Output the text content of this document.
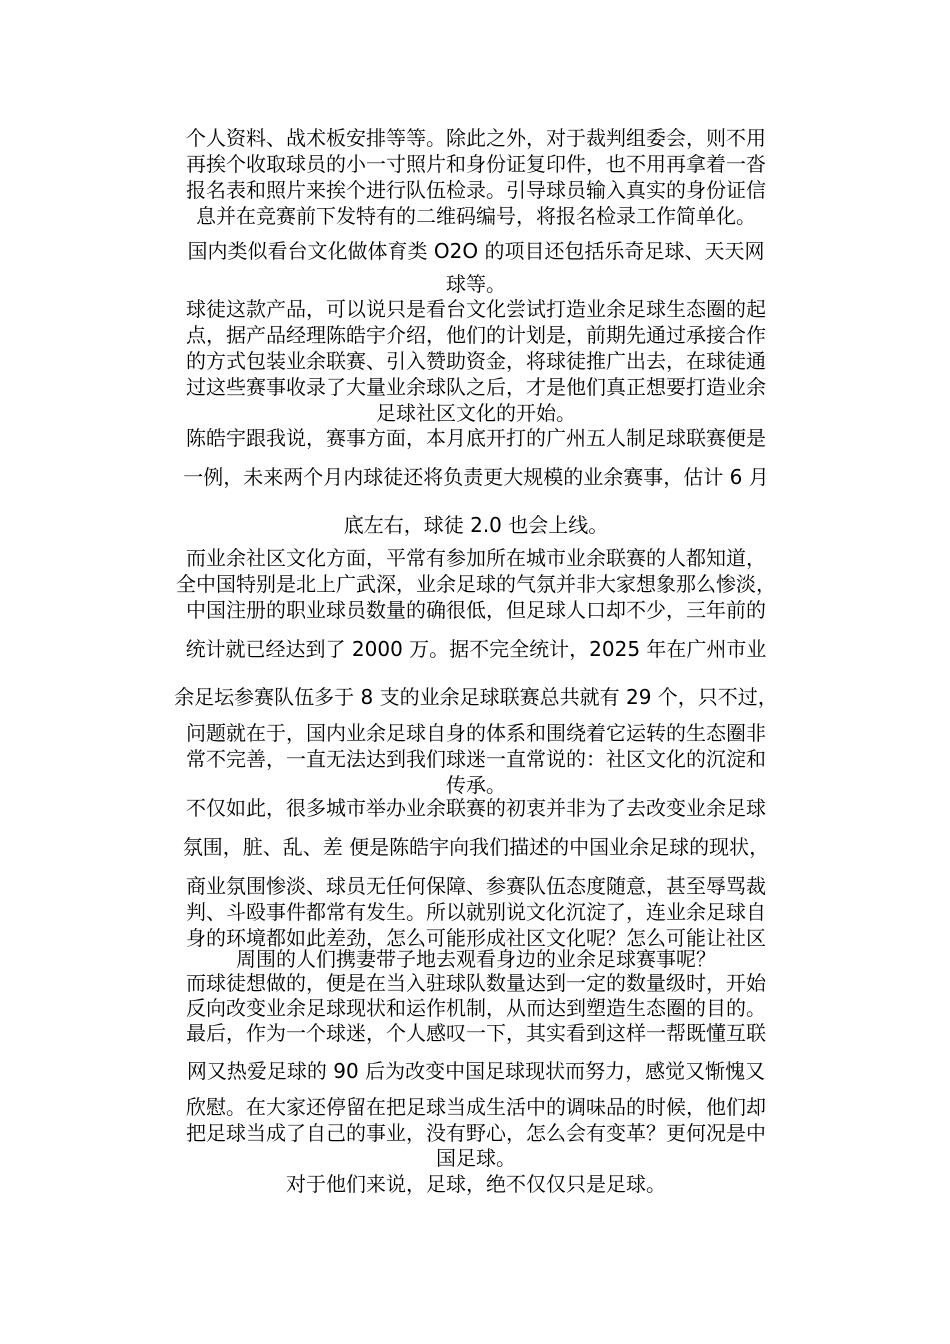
个人资料、战术板安排等等。除此之外，对于裁判组委会，则不用
再挨个收取球员的小一寸照片和身份证复印件，也不用再拿着一沓
报名表和照片来挨个进行队伍检录。引导球员输入真实的身份证信
息并在竞赛前下发特有的二维码编号，将报名检录工作简单化。
国内类似看台文化做体育类 O2O 的项目还包括乐奇足球、天天网
球等。
球徒这款产品，可以说只是看台文化尝试打造业余足球生态圈的起
点，据产品经理陈皓宇介绍，他们的计划是，前期先通过承接合作
的方式包装业余联赛、引入赞助资金，将球徒推广出去，在球徒通
过这些赛事收录了大量业余球队之后，才是他们真正想要打造业余
足球社区文化的开始。
陈皓宇跟我说，赛事方面，本月底开打的广州五人制足球联赛便是
一例，未来两个月内球徒还将负责更大规模的业余赛事，估计 6 月
底左右，球徒 2.0 也会上线。
而业余社区文化方面，平常有参加所在城市业余联赛的人都知道，
全中国特别是北上广武深，业余足球的气氛并非大家想象那么惨淡，
中国注册的职业球员数量的确很低，但足球人口却不少，三年前的
统计就已经达到了 2000 万。据不完全统计，2025 年在广州市业
余足坛参赛队伍多于 8 支的业余足球联赛总共就有 29 个，只不过，
问题就在于，国内业余足球自身的体系和围绕着它运转的生态圈非
常不完善，一直无法达到我们球迷一直常说的：社区文化的沉淀和
传承。
不仅如此，很多城市举办业余联赛的初衷并非为了去改变业余足球
氛围，脏、乱、差 便是陈皓宇向我们描述的中国业余足球的现状，
商业氛围惨淡、球员无任何保障、参赛队伍态度随意，甚至辱骂裁
判、斗殴事件都常有发生。所以就别说文化沉淀了，连业余足球自
身的环境都如此差劲，怎么可能形成社区文化呢？怎么可能让社区
周围的人们携妻带子地去观看身边的业余足球赛事呢？
而球徒想做的，便是在当入驻球队数量达到一定的数量级时，开始
反向改变业余足球现状和运作机制，从而达到塑造生态圈的目的。
最后，作为一个球迷，个人感叹一下，其实看到这样一帮既懂互联
网又热爱足球的 90 后为改变中国足球现状而努力，感觉又惭愧又
欣慰。在大家还停留在把足球当成生活中的调味品的时候，他们却
把足球当成了自己的事业，没有野心，怎么会有变革？更何况是中
国足球。
对于他们来说，足球，绝不仅仅只是足球。
